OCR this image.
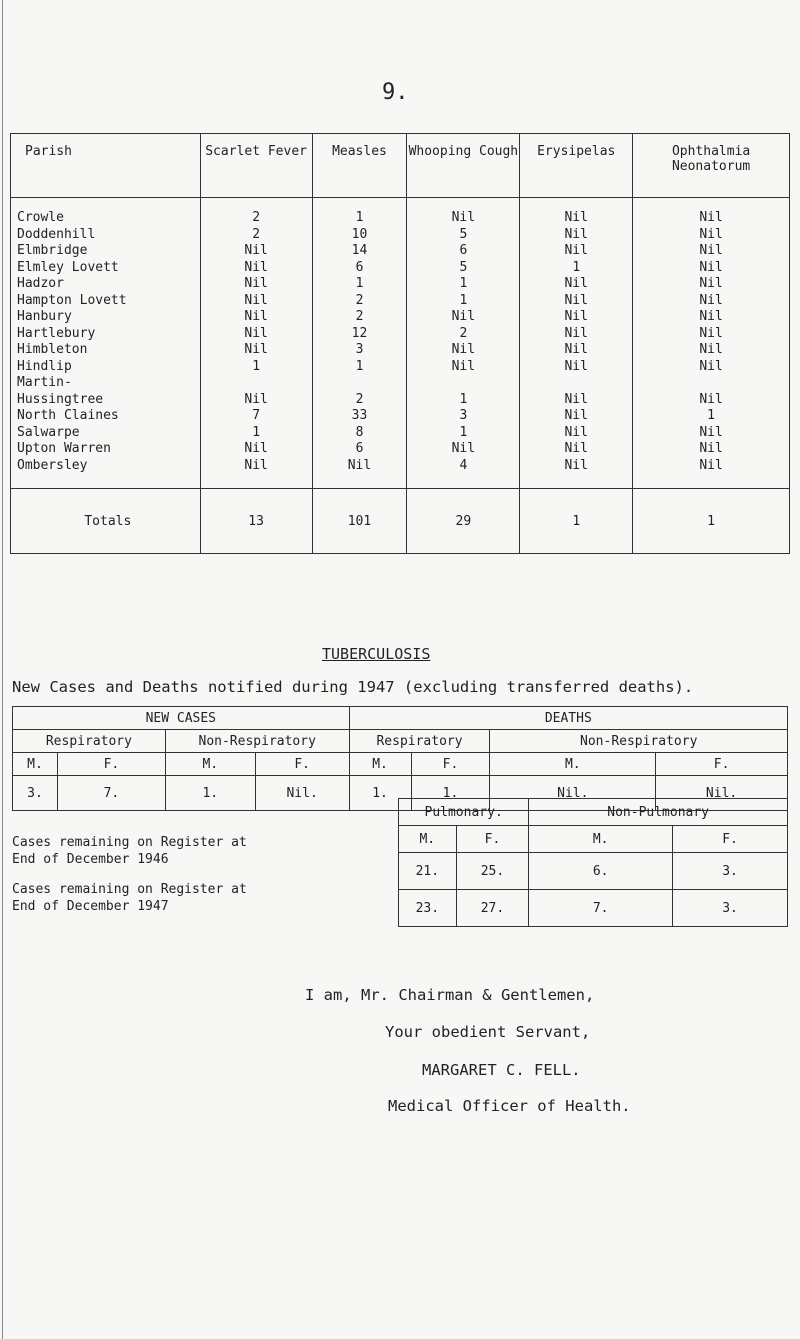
9.
Parish	Scarlet Fever	Measles	Whooping Cough	Erysipelas	Ophthalmia Neonatorum
Crowle	2	1	Nil	Nil	Nil
Doddenhill	2	10	5	Nil	Nil
Elmbridge	Nil	14	6	Nil	Nil
Elmley Lovett	Nil	6	5	1	Nil
Hadzor	Nil	1	1	Nil	Nil
Hampton Lovett	Nil	2	1	Nil	Nil
Hanbury	Nil	2	Nil	Nil	Nil
Hartlebury	Nil	12	2	Nil	Nil
Himbleton	Nil	3	Nil	Nil	Nil
Hindlip	1	1	Nil	Nil	Nil
Martin-					
Hussingtree	Nil	2	1	Nil	Nil
North Claines	7	33	3	Nil	1
Salwarpe	1	8	1	Nil	Nil
Upton Warren	Nil	6	Nil	Nil	Nil
Ombersley	Nil	Nil	4	Nil	Nil
Totals	13	101	29	1	1
TUBERCULOSIS
New Cases and Deaths notified during 1947 (excluding transferred deaths).
NEW CASES				DEATHS			
Respiratory		Non-Respiratory		Respiratory		Non-Respiratory	
M.	F.	M.	F.	M.	F.	M.	F.
3.	7.	1.	Nil.	1.	1.	Nil.	Nil.
Cases remaining on Register at
End of December 1946
Cases remaining on Register at
End of December 1947
Pulmonary.		Non-Pulmonary	
M.	F.	M.	F.
21.	25.	6.	3.
23.	27.	7.	3.
I am, Mr. Chairman & Gentlemen,
Your obedient Servant,
MARGARET C. FELL.
Medical Officer of Health.
